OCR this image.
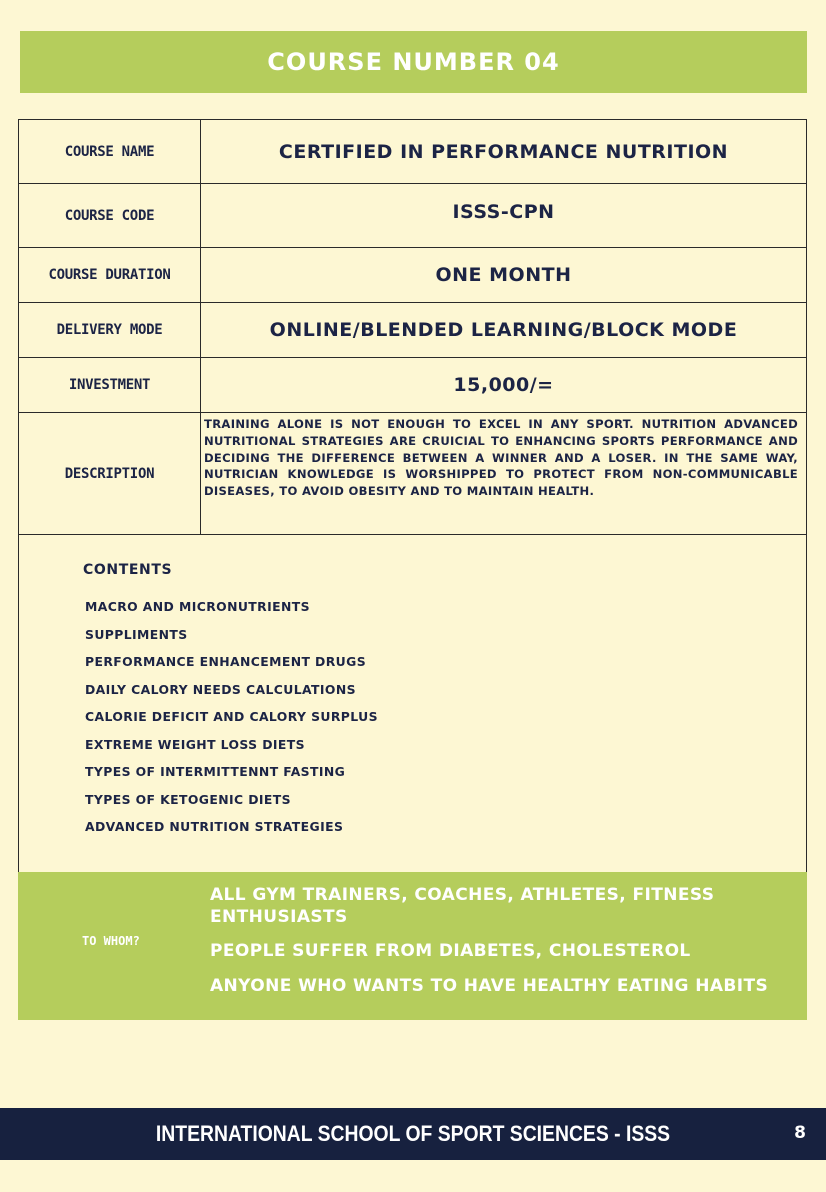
COURSE NUMBER 04
COURSE NAME	CERTIFIED IN PERFORMANCE NUTRITION
COURSE CODE	ISSS-CPN
COURSE DURATION	ONE MONTH
DELIVERY MODE	ONLINE/BLENDED LEARNING/BLOCK MODE
INVESTMENT	15,000/=
DESCRIPTION	TRAINING ALONE IS NOT ENOUGH TO EXCEL IN ANY SPORT. NUTRITION ADVANCED NUTRITIONAL STRATEGIES ARE CRUICIAL TO ENHANCING SPORTS PERFORMANCE AND DECIDING THE DIFFERENCE BETWEEN A WINNER AND A LOSER. IN THE SAME WAY, NUTRICIAN KNOWLEDGE IS WORSHIPPED TO PROTECT FROM NON-COMMUNICABLE DISEASES, TO AVOID OBESITY AND TO MAINTAIN HEALTH.
CONTENTS
MACRO AND MICRONUTRIENTS
SUPPLIMENTS
PERFORMANCE ENHANCEMENT DRUGS
DAILY CALORY NEEDS CALCULATIONS
CALORIE DEFICIT AND CALORY SURPLUS
EXTREME WEIGHT LOSS DIETS
TYPES OF INTERMITTENNT FASTING
TYPES OF KETOGENIC DIETS
ADVANCED NUTRITION STRATEGIES
TO WHOM?
ALL GYM TRAINERS, COACHES, ATHLETES, FITNESS ENTHUSIASTS
PEOPLE SUFFER FROM DIABETES, CHOLESTEROL
ANYONE WHO WANTS TO HAVE HEALTHY EATING HABITS
INTERNATIONAL SCHOOL OF SPORT SCIENCES - ISSS	8
